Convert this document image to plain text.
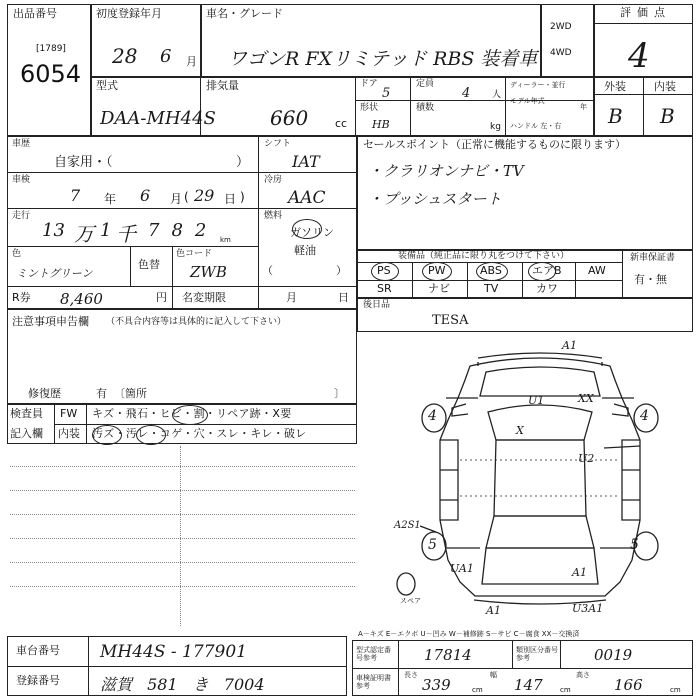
出品番号
[1789]
6054
初度登録年月
28 6 月
車名・グレード
ワゴンR FXリミテッド RBS 装着車
2WD
4WD
評価点
4
外装	内装
B B
型式
DAA-MH44S
排気量
660 cc
ドア
5
定員
4 人
形状
HB
積数
kg
ディーラー・並行
モデル年式
年
ハンドル 左・右
車歴
自家用・（	）
シフト
IAT
車検
7 年 6 月 ( 29 日 )
冷房
AAC
走行
13 万 1 千 782 km
燃料
ガソリン
軽油
（	）
色
ミントグリーン
色替
色コード
ZWB
R券 8,460	円 名変期限	月	日
注意事項申告欄 （不具合内容等は具体的に記入して下さい）
修復歴	有 〔箇所	〕
検査員
記入欄
FW キズ・飛石・ヒビ・割・リペア跡・X要
内装 汚ズ・汚レ・コゲ・穴・スレ・キレ・破レ
セールスポイント（正常に機能するものに限ります）
・クラリオンナビ・TV
・プッシュスタート
装備品（純正品に限り丸をつけて下さい）
PS	PW	ABS	エアB AW
SR	ナビ	TV	カワ
新車保証書
有・無
後日品
TESA
A1
U1	XX
4	4
X
U2
A2S1
5	5
UA1	A1
U3A1
A1
スペア
A－キズ E－エクボ U－凹み W－補修跡 S－サビ C－腐食 XX－交換済
車台番号 MH44S - 177901
登録番号	滋賀 581 き 7004
型式認定番号参考	17814	類別区分番号参考	0019
車検証明書参考
長さ
339	cm
幅
147 cm
高さ
166	cm
